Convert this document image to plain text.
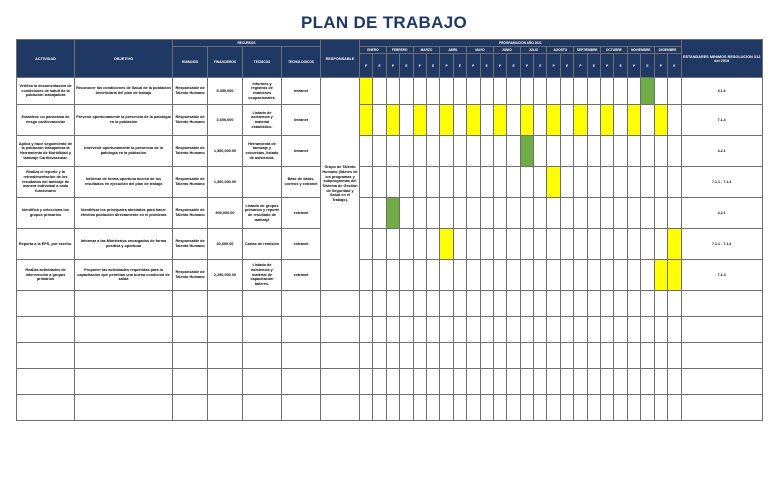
PLAN DE TRABAJO
ACTIVIDAD	OBJETIVO	RECURSOS				RESPONSABLE	PROGRAMACION AÑO 2021																								ESTANDARES MINIMOS RESOLUCION 312 del 2019
		HUMANOS	FINANCIEROS	TECNICOS	TECNOLOGICOS		ENERO		FEBRERO		MARZO		ABRIL		MAYO		JUNIO		JULIO		AGOSTO		SEPTIEMBRE		OCTUBRE		NOVIEMBRE		DICIEMBRE		
							P	E	P	E	P	E	P	E	P	E	P	E	P	E	P	E	P	E	P	E	P	E	P	E	

Verifica la documentación de condiciones de salud de la población trabajadora	Reconocer las condiciones de Salud de la población beneficiaria del plan de trabajo	Responsable de Talento Humano	5.350,000	Informes y registros de exámenes ocupacionales.	Intranet	Grupo de Talento Humano (lideres de los programas y subprogramas del Sistema de Gestión de Seguridad y Salud en el Trabajo).																									3.1.6

Establece un panorama de riesgo cardiovascular	Prevenir oportunamente la presencia de la patología en la población	Responsable de Talento Humano	3.600,000	Listado de asistencia y material estadístico.	Intranet																										7.1.4

Aplica y hace seguimiento de la población trabajadora la Herramienta de Morbilidad y tamizaje Cardiovascular.	Intervenir oportunamente la presencia de la patología en la población	Responsable de Talento Humano	1,300,000.00	Herramienta de tamizaje y encuestas, listado de asistencia.	Intranet																										4.2.1

Realiza el reporte y la retroalimentación de los resultados del tamizaje de manera individual a cada funcionario	Informar de forma oportuna acerca de los resultados en ejecución del plan de trabajo	Responsable de Talento Humano	1,300,000.00		Base de datos, correos y extranet																										7.1.1 - 7.1.4

Identifica y selecciona los grupos primarios	Identificar los principales afectados para hacer efectiva población directamente en el problema	Responsable de Talento Humano	800,000.00	Listado de grupos primarios y reporte de resultado de tamizaje	extranet																										4.2.1

Reporta a la EPS, por escrito.	Informar a las Ministerios encargados de forma positiva y oportuna	Responsable de Talento Humano	30,000.00	Cartas de remisión	extranet																										7.1.1 - 7.1.4

Realiza actividades de intervención a grupos primarios	Proponer las actividades requeridas para la capacitación que permitan una buena condición de salud	Responsable de Talento Humano	2,250,000.00	Listado de asistencia y material de capacitación talleres.	extranet																										7.1.4
